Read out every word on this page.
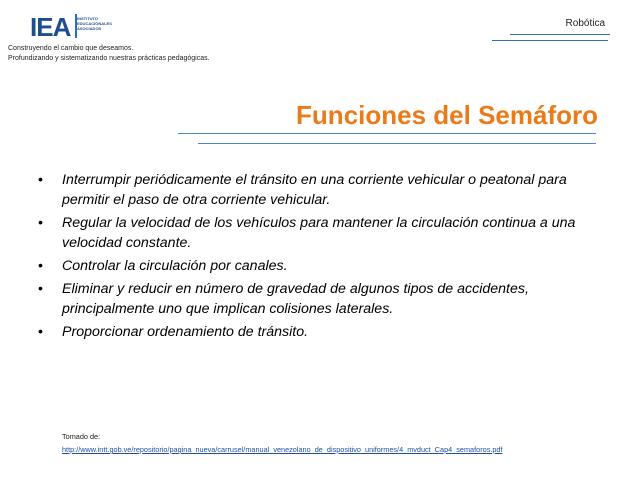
IEA INSTITUTO EDUCACIONALES ASOCIADOS
Construyendo el cambio que deseamos.
Profundizando y sistematizando nuestras prácticas pedagógicas.
Robótica
Funciones del Semáforo
• Interrumpir periódicamente el tránsito en una corriente vehicular o peatonal para permitir el paso de otra corriente vehicular.
• Regular la velocidad de los vehículos para mantener la circulación continua a una velocidad constante.
• Controlar la circulación por canales.
• Eliminar y reducir en número de gravedad de algunos tipos de accidentes, principalmente uno que implican colisiones laterales.
• Proporcionar ordenamiento de tránsito.
Tomado de:
http://www.intt.gob.ve/repositorio/pagina_nueva/carrusel/manual_venezolano_de_dispositivo_uniformes/4_mvduct_Cap4_semaforos.pdf
